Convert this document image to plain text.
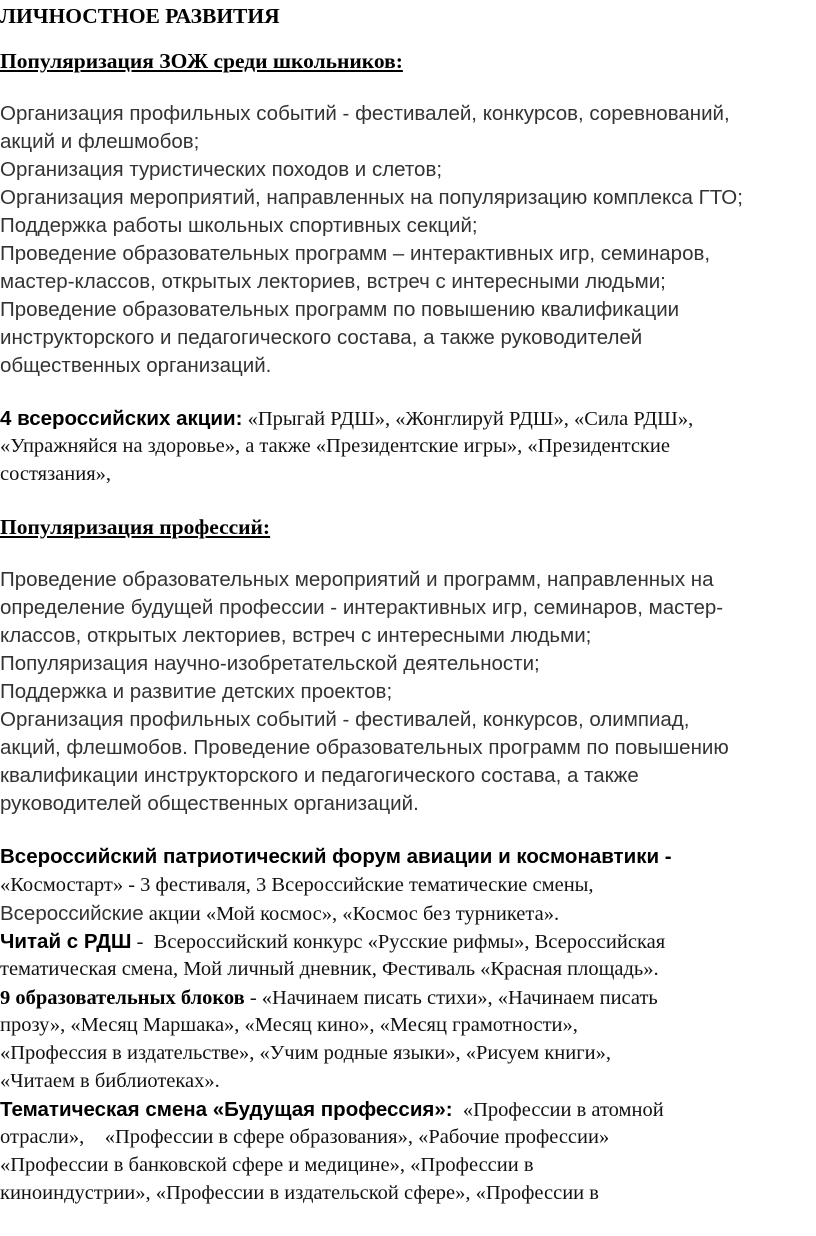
ЛИЧНОСТНОЕ РАЗВИТИЯ
Популяризация ЗОЖ среди школьников:
Организация профильных событий - фестивалей, конкурсов, соревнований,
акций и флешмобов;
Организация туристических походов и слетов;
Организация мероприятий, направленных на популяризацию комплекса ГТО;
Поддержка работы школьных спортивных секций;
Проведение образовательных программ – интерактивных игр, семинаров,
мастер-классов, открытых лекториев, встреч с интересными людьми;
Проведение образовательных программ по повышению квалификации
инструкторского и педагогического состава, а также руководителей
общественных организаций.
4 всероссийских акции: «Прыгай РДШ», «Жонглируй РДШ», «Сила РДШ»,
«Упражняйся на здоровье», а также «Президентские игры», «Президентские
состязания»,
Популяризация профессий:
Проведение образовательных мероприятий и программ, направленных на
определение будущей профессии - интерактивных игр, семинаров, мастер-
классов, открытых лекториев, встреч с интересными людьми;
Популяризация научно-изобретательской деятельности;
Поддержка и развитие детских проектов;
Организация профильных событий - фестивалей, конкурсов, олимпиад,
акций, флешмобов. Проведение образовательных программ по повышению
квалификации инструкторского и педагогического состава, а также
руководителей общественных организаций.
Всероссийский патриотический форум авиации и космонавтики -
«Космостарт» - 3 фестиваля, 3 Всероссийские тематические смены,
Всероссийские акции «Мой космос», «Космос без турникета».
Читай с РДШ -  Всероссийский конкурс «Русские рифмы», Всероссийская
тематическая смена, Мой личный дневник, Фестиваль «Красная площадь».
9 образовательных блоков - «Начинаем писать стихи», «Начинаем писать
прозу», «Месяц Маршака», «Месяц кино», «Месяц грамотности»,
«Профессия в издательстве», «Учим родные языки», «Рисуем книги»,
«Читаем в библиотеках».
Тематическая смена «Будущая профессия»:  «Профессии в атомной
отрасли»,    «Профессии в сфере образования», «Рабочие профессии»
«Профессии в банковской сфере и медицине», «Профессии в
киноиндустрии», «Профессии в издательской сфере», «Профессии в
